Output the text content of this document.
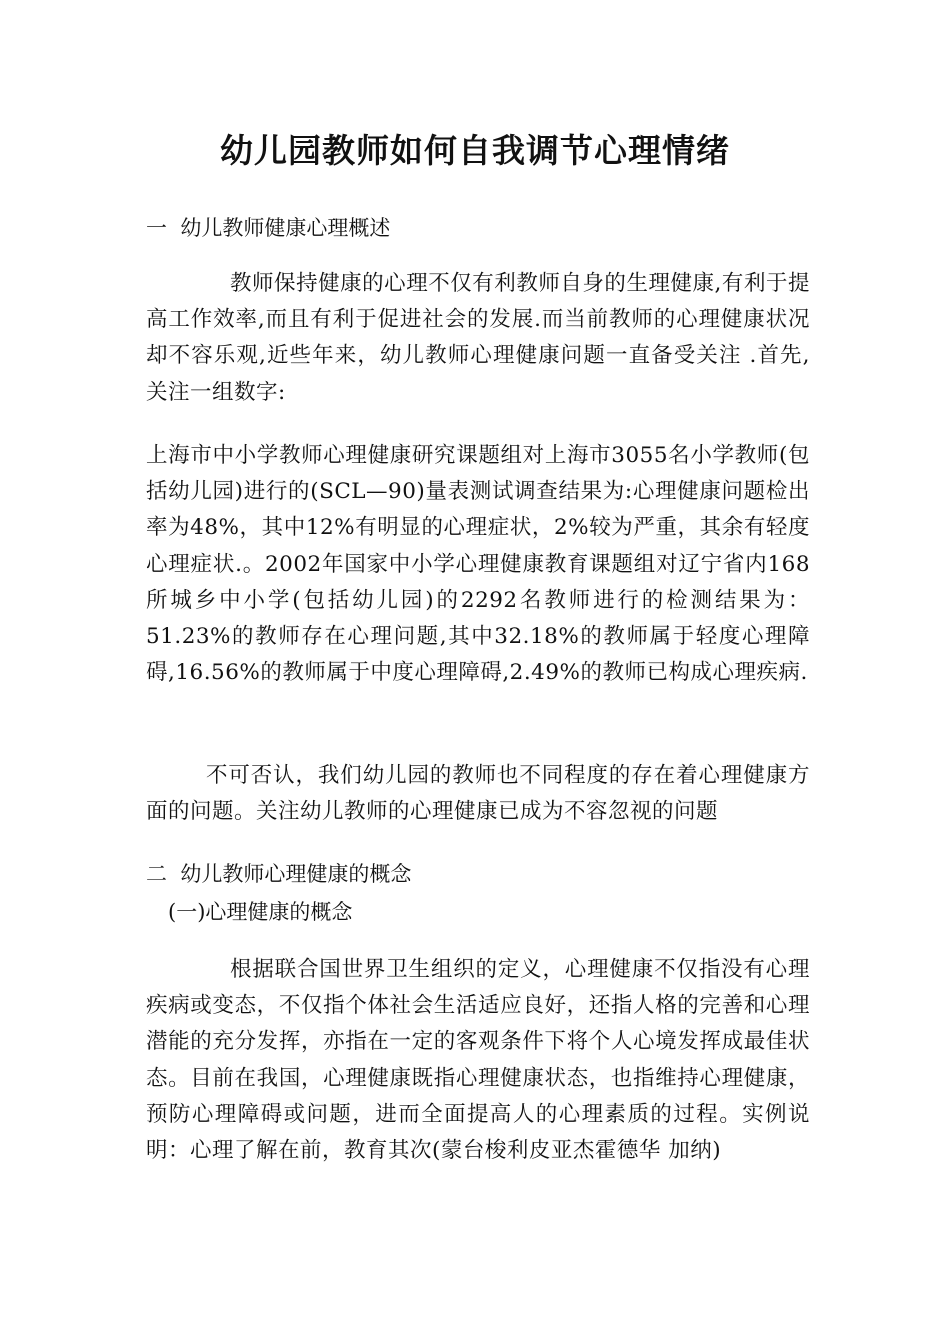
幼儿园教师如何自我调节心理情绪
一  幼儿教师健康心理概述

教师保持健康的心理不仅有利教师自身的生理健康,有利于提高工作效率,而且有利于促进社会的发展.而当前教师的心理健康状况却不容乐观,近些年来，幼儿教师心理健康问题一直备受关注 .首先,关注一组数字:

上海市中小学教师心理健康研究课题组对上海市3055名小学教师(包括幼儿园)进行的(SCL—90)量表测试调查结果为:心理健康问题检出率为48%，其中12%有明显的心理症状，2%较为严重，其余有轻度心理症状.。2002年国家中小学心理健康教育课题组对辽宁省内168所城乡中小学(包括幼儿园)的2292名教师进行的检测结果为：51.23%的教师存在心理问题,其中32.18%的教师属于轻度心理障碍,16.56%的教师属于中度心理障碍,2.49%的教师已构成心理疾病.

不可否认，我们幼儿园的教师也不同程度的存在着心理健康方面的问题。关注幼儿教师的心理健康已成为不容忽视的问题

二  幼儿教师心理健康的概念
(一)心理健康的概念

根据联合国世界卫生组织的定义，心理健康不仅指没有心理疾病或变态，不仅指个体社会生活适应良好，还指人格的完善和心理潜能的充分发挥，亦指在一定的客观条件下将个人心境发挥成最佳状态。目前在我国，心理健康既指心理健康状态，也指维持心理健康，预防心理障碍或问题，进而全面提高人的心理素质的过程。实例说明：心理了解在前，教育其次(蒙台梭利皮亚杰霍德华 加纳)
